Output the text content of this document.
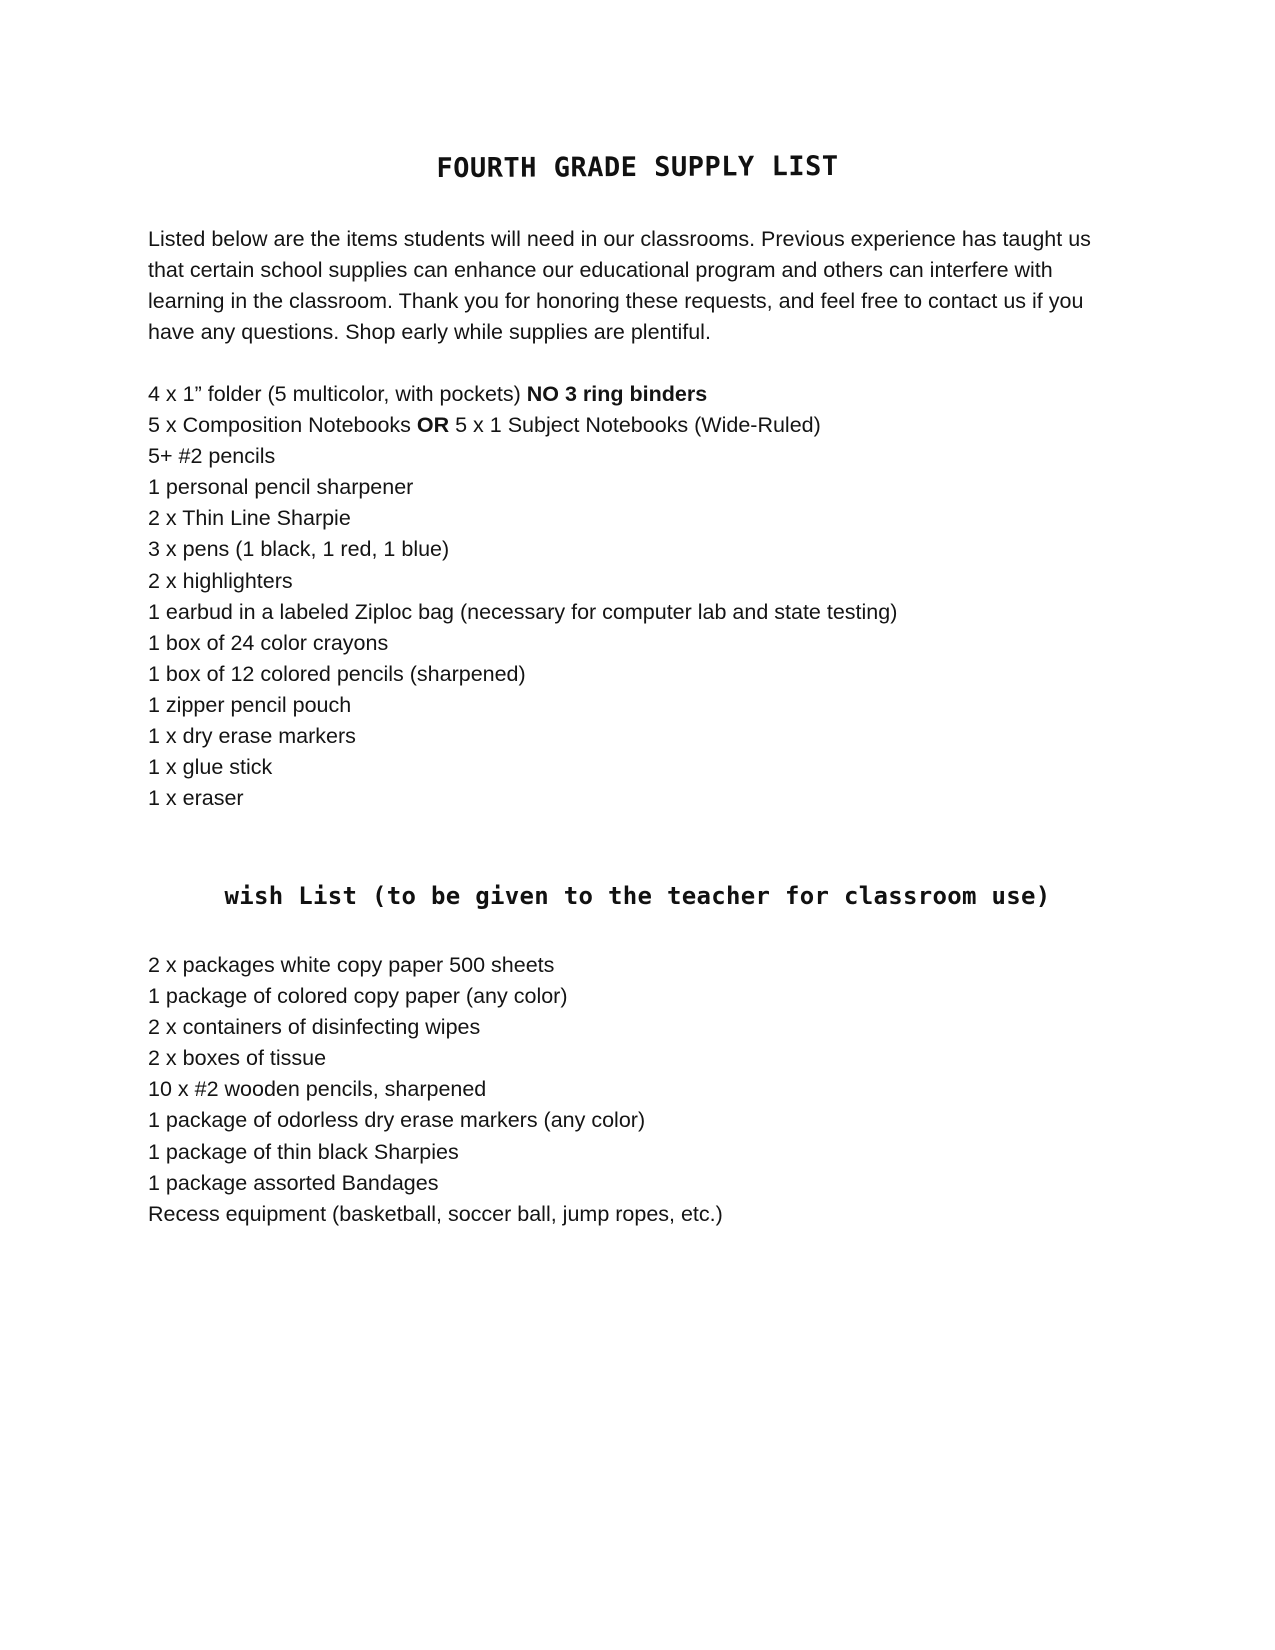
FOURTH GRADE SUPPLY LIST

Listed below are the items students will need in our classrooms. Previous experience has taught us that certain school supplies can enhance our educational program and others can interfere with learning in the classroom. Thank you for honoring these requests, and feel free to contact us if you have any questions. Shop early while supplies are plentiful.

4 x 1” folder (5 multicolor, with pockets) NO 3 ring binders
5 x Composition Notebooks OR 5 x 1 Subject Notebooks (Wide-Ruled)
5+ #2 pencils
1 personal pencil sharpener
2 x Thin Line Sharpie
3 x pens (1 black, 1 red, 1 blue)
2 x highlighters
1 earbud in a labeled Ziploc bag (necessary for computer lab and state testing)
1 box of 24 color crayons
1 box of 12 colored pencils (sharpened)
1 zipper pencil pouch
1 x dry erase markers
1 x glue stick
1 x eraser
wish List (to be given to the teacher for classroom use)
2 x packages white copy paper 500 sheets
1 package of colored copy paper (any color)
2 x containers of disinfecting wipes
2 x boxes of tissue
10 x #2 wooden pencils, sharpened
1 package of odorless dry erase markers (any color)
1 package of thin black Sharpies
1 package assorted Bandages
Recess equipment (basketball, soccer ball, jump ropes, etc.)
